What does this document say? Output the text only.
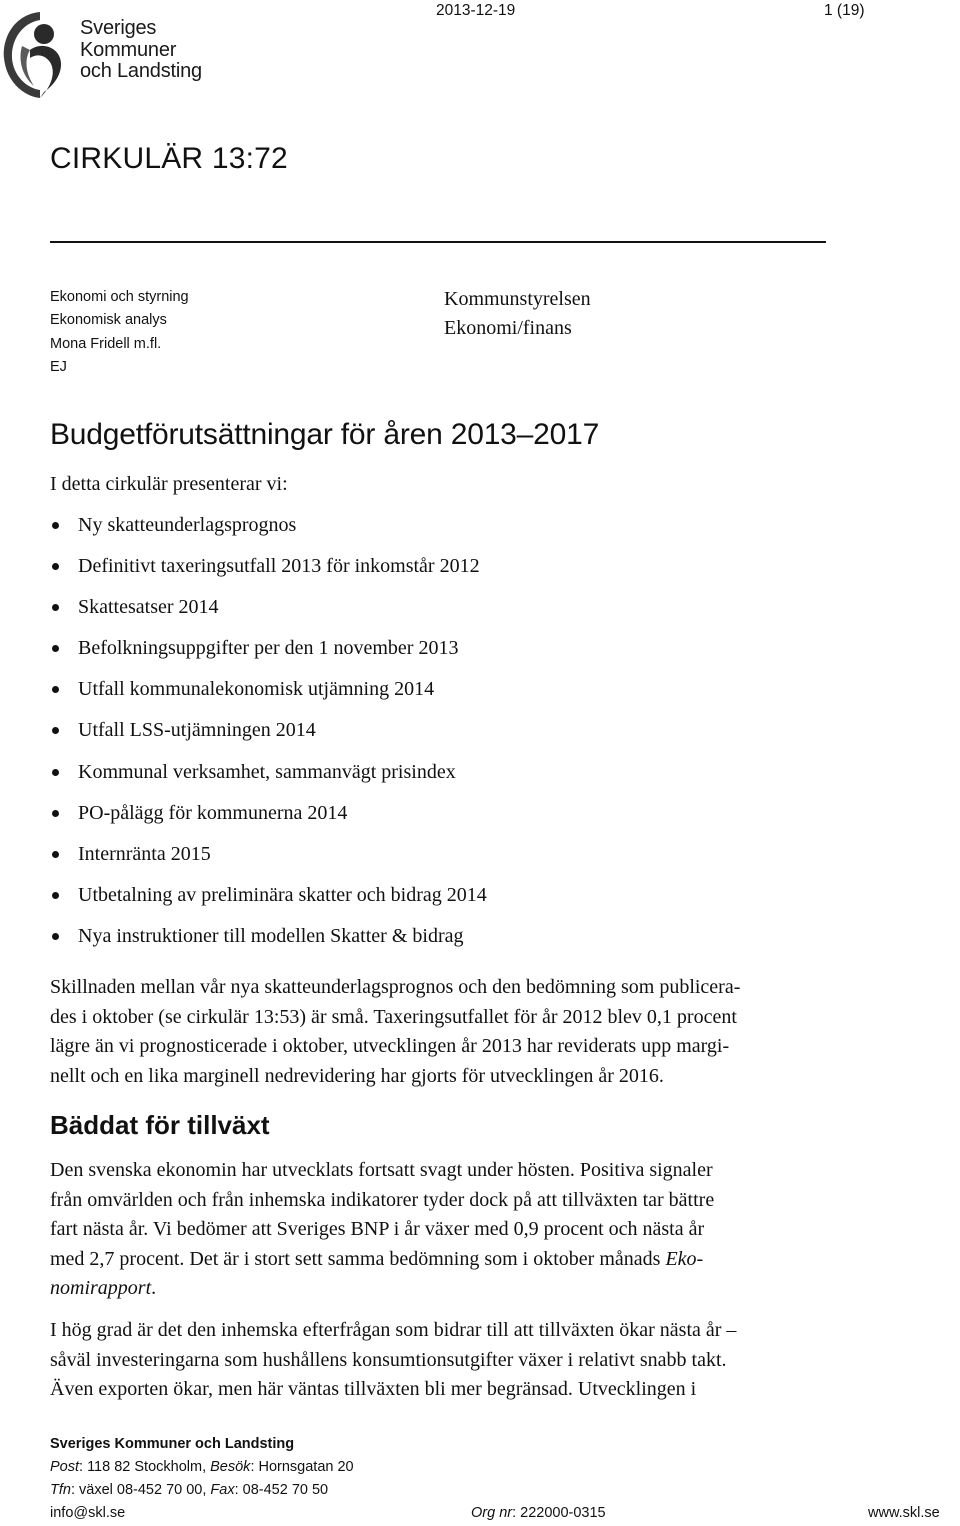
Sveriges
Kommuner
och Landsting
2013-12-19	1 (19)
CIRKULÄR 13:72
Ekonomi och styrning
Ekonomisk analys
Mona Fridell m.fl.
EJ
Kommunstyrelsen
Ekonomi/finans
Budgetförutsättningar för åren 2013–2017
I detta cirkulär presenterar vi:
Ny skatteunderlagsprognos
Definitivt taxeringsutfall 2013 för inkomstår 2012
Skattesatser 2014
Befolkningsuppgifter per den 1 november 2013
Utfall kommunalekonomisk utjämning 2014
Utfall LSS-utjämningen 2014
Kommunal verksamhet, sammanvägt prisindex
PO-pålägg för kommunerna 2014
Internränta 2015
Utbetalning av preliminära skatter och bidrag 2014
Nya instruktioner till modellen Skatter & bidrag

Skillnaden mellan vår nya skatteunderlagsprognos och den bedömning som publicera-
des i oktober (se cirkulär 13:53) är små. Taxeringsutfallet för år 2012 blev 0,1 procent
lägre än vi prognosticerade i oktober, utvecklingen år 2013 har reviderats upp margi-
nellt och en lika marginell nedrevidering har gjorts för utvecklingen år 2016.

Bäddat för tillväxt

Den svenska ekonomin har utvecklats fortsatt svagt under hösten. Positiva signaler
från omvärlden och från inhemska indikatorer tyder dock på att tillväxten tar bättre
fart nästa år. Vi bedömer att Sveriges BNP i år växer med 0,9 procent och nästa år
med 2,7 procent. Det är i stort sett samma bedömning som i oktober månads Eko-
nomirapport.

I hög grad är det den inhemska efterfrågan som bidrar till att tillväxten ökar nästa år –
såväl investeringarna som hushållens konsumtionsutgifter växer i relativt snabb takt.
Även exporten ökar, men här väntas tillväxten bli mer begränsad. Utvecklingen i

Sveriges Kommuner och Landsting
Post: 118 82 Stockholm, Besök: Hornsgatan 20
Tfn: växel 08-452 70 00, Fax: 08-452 70 50
info@skl.se	Org nr: 222000-0315	www.skl.se
